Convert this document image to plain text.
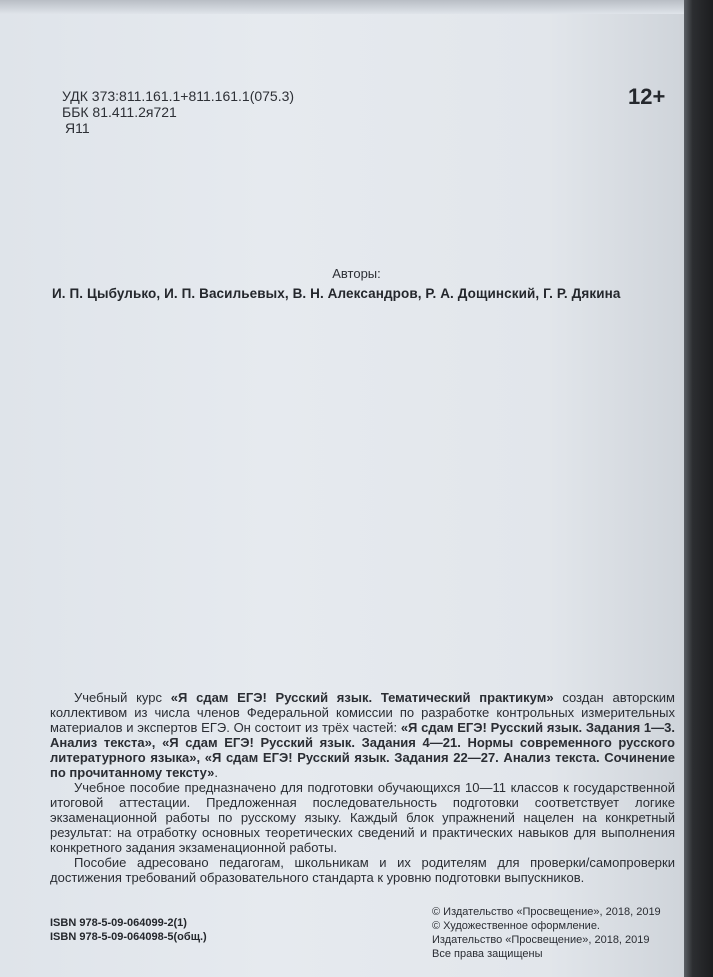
УДК 373:811.161.1+811.161.1(075.3)
ББК 81.411.2я721
Я11
12+
Авторы:
И. П. Цыбулько, И. П. Васильевых, В. Н. Александров, Р. А. Дощинский, Г. Р. Дякина

Учебный курс «Я сдам ЕГЭ! Русский язык. Тематический практикум» создан авторским коллективом из числа членов Федеральной комиссии по разработке контрольных измерительных материалов и экспертов ЕГЭ. Он состоит из трёх частей: «Я сдам ЕГЭ! Русский язык. Задания 1—3. Анализ текста», «Я сдам ЕГЭ! Русский язык. Задания 4—21. Нормы современного русского литературного языка», «Я сдам ЕГЭ! Русский язык. Задания 22—27. Анализ текста. Сочинение по прочитанному тексту».

Учебное пособие предназначено для подготовки обучающихся 10—11 классов к государственной итоговой аттестации. Предложенная последовательность подготовки соответствует логике экзаменационной работы по русскому языку. Каждый блок упражнений нацелен на конкретный результат: на отработку основных теоретических сведений и практических навыков для выполнения конкретного задания экзаменационной работы.

Пособие адресовано педагогам, школьникам и их родителям для проверки/самопроверки достижения требований образовательного стандарта к уровню подготовки выпускников.

ISBN 978-5-09-064099-2(1)
ISBN 978-5-09-064098-5(общ.)
© Издательство «Просвещение», 2018, 2019
© Художественное оформление.
Издательство «Просвещение», 2018, 2019
Все права защищены
